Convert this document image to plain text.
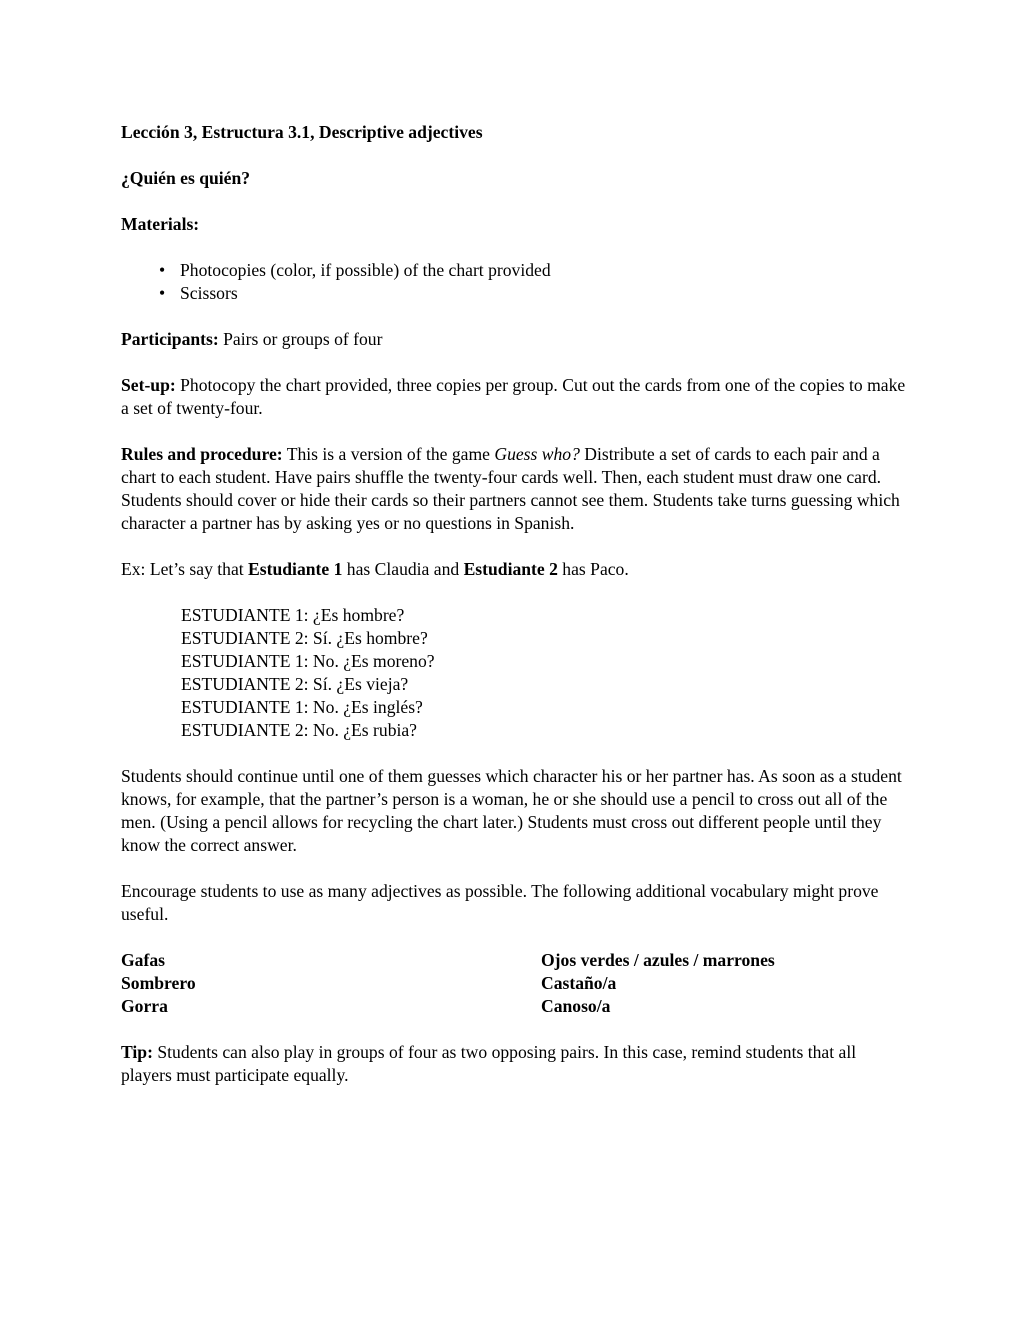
Lección 3, Estructura 3.1, Descriptive adjectives

¿Quién es quién?

Materials:

• Photocopies (color, if possible) of the chart provided
• Scissors

Participants: Pairs or groups of four

Set-up: Photocopy the chart provided, three copies per group. Cut out the cards from one of the copies to make a set of twenty-four.

Rules and procedure: This is a version of the game Guess who? Distribute a set of cards to each pair and a chart to each student. Have pairs shuffle the twenty-four cards well. Then, each student must draw one card. Students should cover or hide their cards so their partners cannot see them. Students take turns guessing which character a partner has by asking yes or no questions in Spanish.

Ex: Let’s say that Estudiante 1 has Claudia and Estudiante 2 has Paco.

ESTUDIANTE 1: ¿Es hombre?

ESTUDIANTE 2: Sí. ¿Es hombre?

ESTUDIANTE 1: No. ¿Es moreno?

ESTUDIANTE 2: Sí. ¿Es vieja?

ESTUDIANTE 1: No. ¿Es inglés?

ESTUDIANTE 2: No. ¿Es rubia?

Students should continue until one of them guesses which character his or her partner has. As soon as a student knows, for example, that the partner’s person is a woman, he or she should use a pencil to cross out all of the men. (Using a pencil allows for recycling the chart later.) Students must cross out different people until they know the correct answer.

Encourage students to use as many adjectives as possible. The following additional vocabulary might prove useful.

Gafas	Ojos verdes / azules / marrones
Sombrero	Castaño/a
Gorra	Canoso/a

Tip: Students can also play in groups of four as two opposing pairs. In this case, remind students that all players must participate equally.
